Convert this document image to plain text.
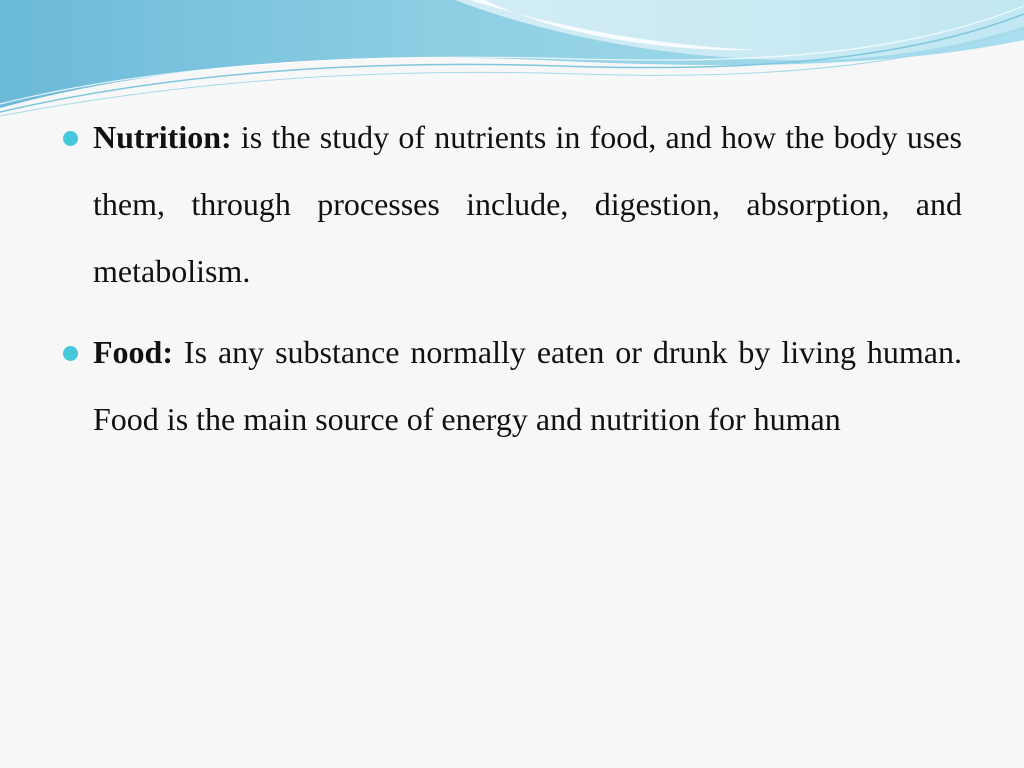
Nutrition: is the study of nutrients in food, and how the body uses them, through processes include, digestion, absorption, and metabolism.
Food: Is any substance normally eaten or drunk by living human. Food is the main source of energy and nutrition for human
